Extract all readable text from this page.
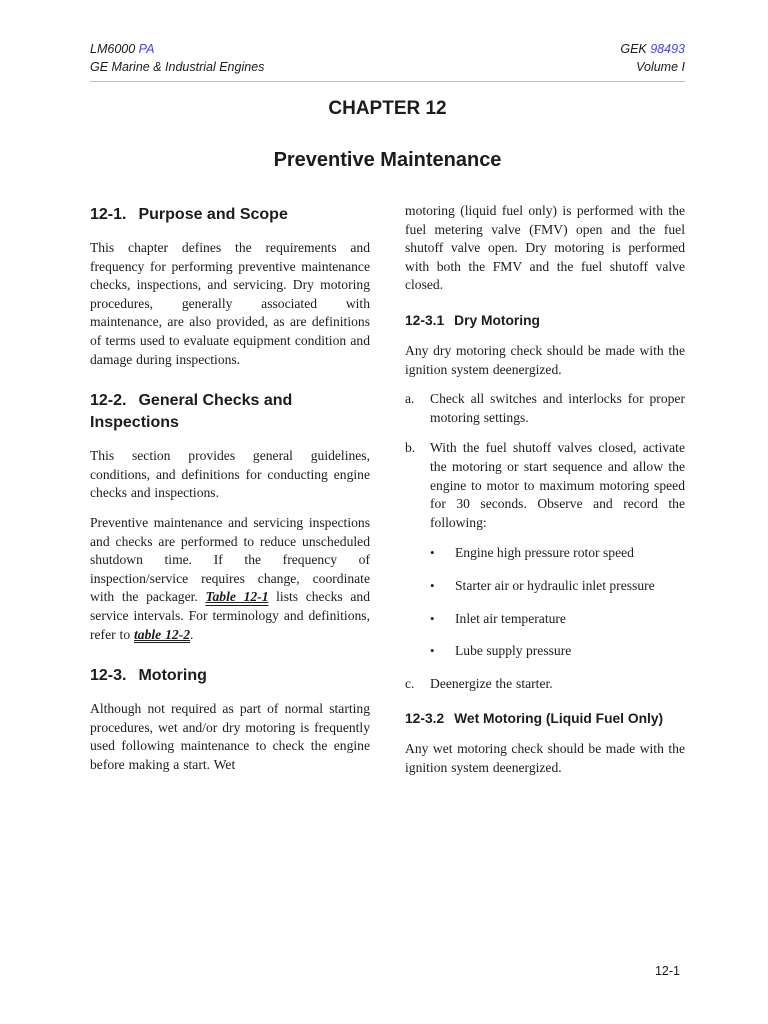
LM6000 PA
GE Marine & Industrial Engines
GEK 98493
Volume I
CHAPTER 12
Preventive Maintenance
12-1. Purpose and Scope

This chapter defines the requirements and frequency for performing preventive maintenance checks, inspections, and servicing. Dry motoring procedures, generally associated with maintenance, are also provided, as are definitions of terms used to evaluate equipment condition and damage during inspections.

12-2. General Checks and Inspections

This section provides general guidelines, conditions, and definitions for conducting engine checks and inspections.

Preventive maintenance and servicing inspections and checks are performed to reduce unscheduled shutdown time. If the frequency of inspection/service requires change, coordinate with the packager. Table 12-1 lists checks and service intervals. For terminology and definitions, refer to table 12-2.

12-3. Motoring

Although not required as part of normal starting procedures, wet and/or dry motoring is frequently used following maintenance to check the engine before making a start. Wet

motoring (liquid fuel only) is performed with the fuel metering valve (FMV) open and the fuel shutoff valve open. Dry motoring is performed with both the FMV and the fuel shutoff valve closed.

12-3.1 Dry Motoring

Any dry motoring check should be made with the ignition system deenergized.

a.	Check all switches and interlocks for proper motoring settings.
b.	With the fuel shutoff valves closed, activate the motoring or start sequence and allow the engine to motor to maximum motoring speed for 30 seconds. Observe and record the following:
•	Engine high pressure rotor speed
•	Starter air or hydraulic inlet pressure
•	Inlet air temperature
•	Lube supply pressure
c.	Deenergize the starter.
12-3.2 Wet Motoring (Liquid Fuel Only)

Any wet motoring check should be made with the ignition system deenergized.

12-1
